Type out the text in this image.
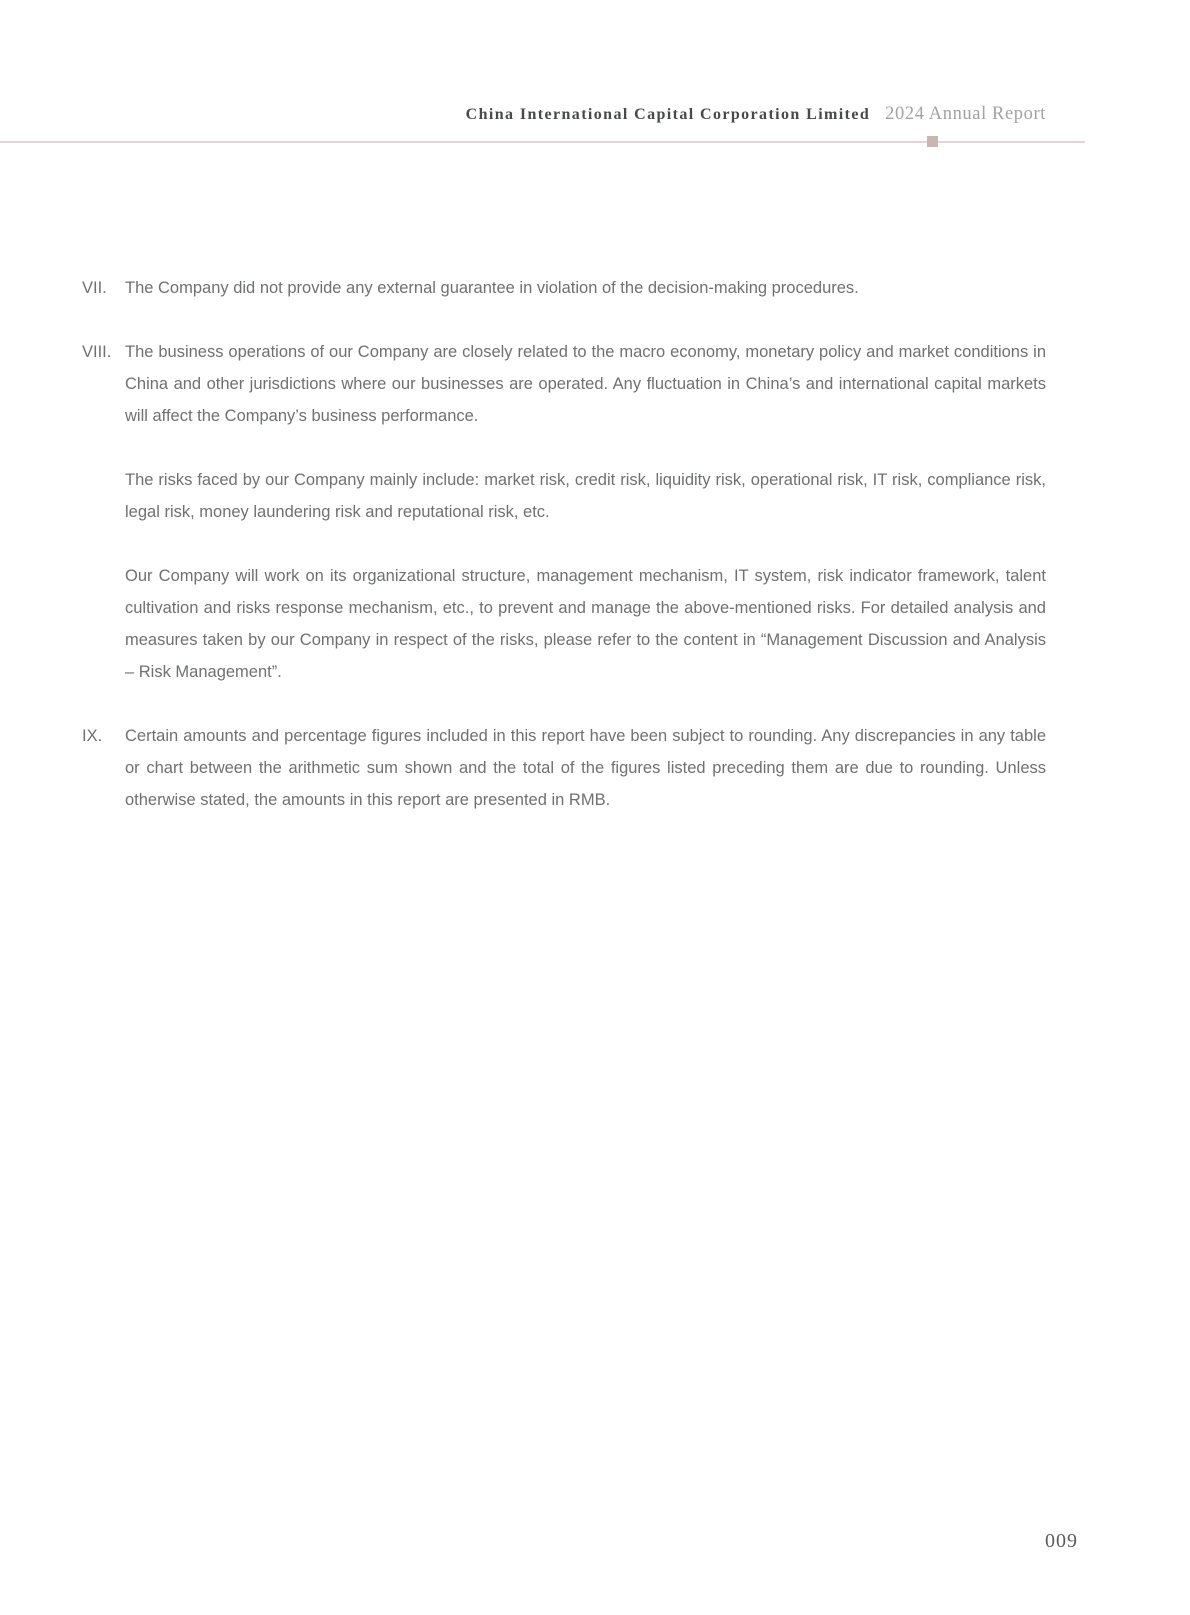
China International Capital Corporation Limited 2024 Annual Report
VII.	The Company did not provide any external guarantee in violation of the decision-making procedures.

VIII. The business operations of our Company are closely related to the macro economy, monetary policy and market conditions in China and other jurisdictions where our businesses are operated. Any fluctuation in China’s and international capital markets will affect the Company’s business performance.

The risks faced by our Company mainly include: market risk, credit risk, liquidity risk, operational risk, IT risk, compliance risk, legal risk, money laundering risk and reputational risk, etc.

Our Company will work on its organizational structure, management mechanism, IT system, risk indicator framework, talent cultivation and risks response mechanism, etc., to prevent and manage the above-mentioned risks. For detailed analysis and measures taken by our Company in respect of the risks, please refer to the content in “Management Discussion and Analysis – Risk Management”.

IX.	Certain amounts and percentage figures included in this report have been subject to rounding. Any discrepancies in any table or chart between the arithmetic sum shown and the total of the figures listed preceding them are due to rounding. Unless otherwise stated, the amounts in this report are presented in RMB.

009
